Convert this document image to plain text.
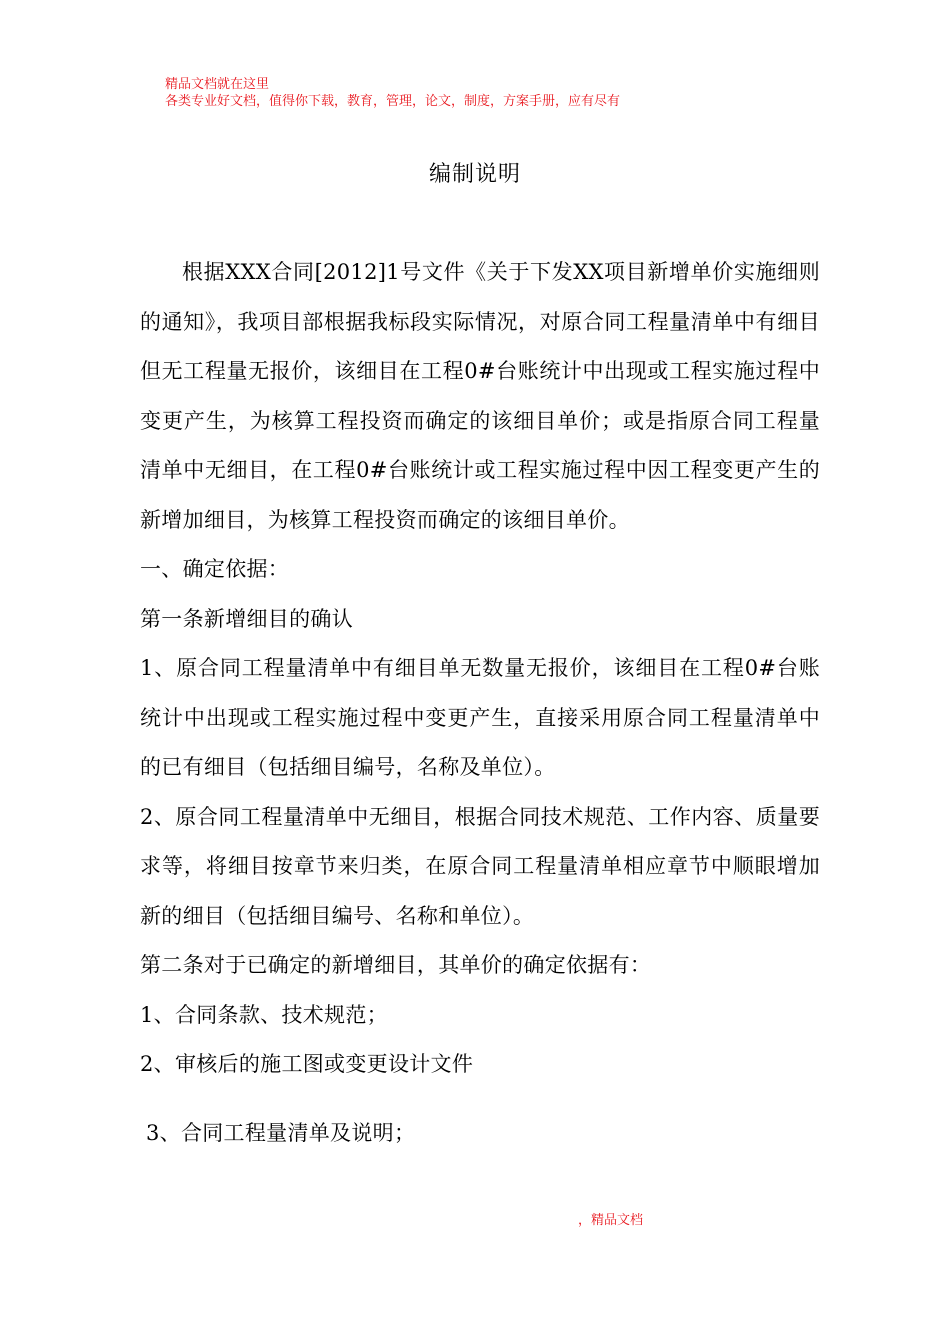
精品文档就在这里
各类专业好文档，值得你下载，教育，管理，论文，制度，方案手册，应有尽有
编制说明

根据XXX合同[2012]1号文件《关于下发XX项目新增单价实施细则的通知》，我项目部根据我标段实际情况，对原合同工程量清单中有细目但无工程量无报价，该细目在工程0#台账统计中出现或工程实施过程中变更产生，为核算工程投资而确定的该细目单价；或是指原合同工程量清单中无细目，在工程0#台账统计或工程实施过程中因工程变更产生的新增加细目，为核算工程投资而确定的该细目单价。

一、确定依据：

第一条新增细目的确认

1、原合同工程量清单中有细目单无数量无报价，该细目在工程0#台账统计中出现或工程实施过程中变更产生，直接采用原合同工程量清单中的已有细目（包括细目编号，名称及单位）。

2、原合同工程量清单中无细目，根据合同技术规范、工作内容、质量要求等，将细目按章节来归类，在原合同工程量清单相应章节中顺眼增加新的细目（包括细目编号、名称和单位）。

第二条对于已确定的新增细目，其单价的确定依据有：

1、合同条款、技术规范；

2、审核后的施工图或变更设计文件

3、合同工程量清单及说明；
，精品文档
